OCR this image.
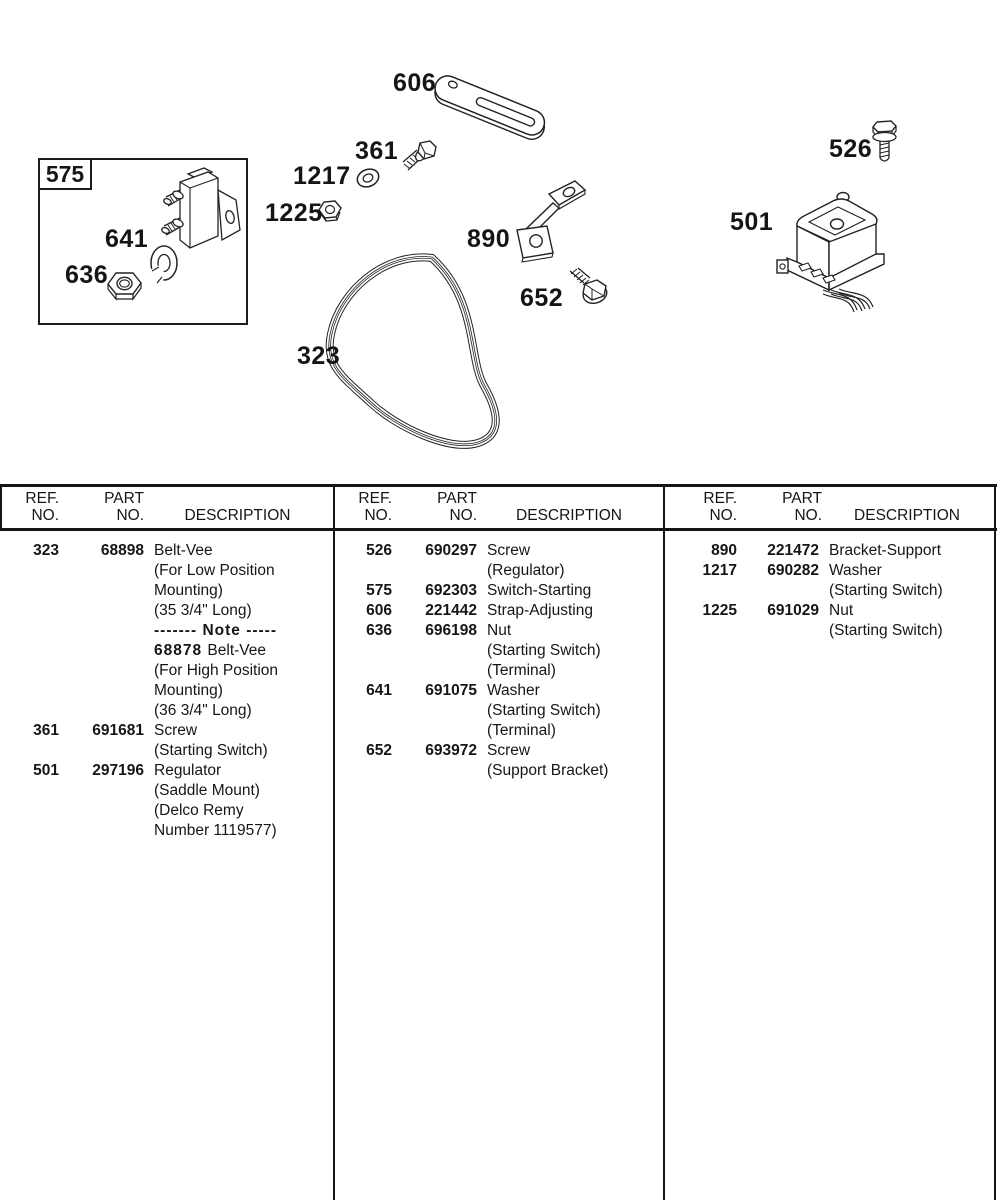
575
606
361
1217
1225
890
652
323
526
501
641
636
REF.
NO.
PART
NO.	DESCRIPTION
323	68898 Belt-Vee
(For Low Position
Mounting)
(35 3/4" Long)
------- Note -----
68878 Belt-Vee
(For High Position
Mounting)
(36 3/4" Long)
361	691681 Screw
(Starting Switch)
501	297196 Regulator
(Saddle Mount)
(Delco Remy
Number 1119577)
REF.
NO.
PART
NO.	DESCRIPTION
526	690297 Screw
(Regulator)
575	692303 Switch-Starting
606	221442 Strap-Adjusting
636	696198 Nut
(Starting Switch)
(Terminal)
641	691075 Washer
(Starting Switch)
(Terminal)
652	693972 Screw
(Support Bracket)
REF.
NO.
PART
NO.	DESCRIPTION
890	221472 Bracket-Support
1217	690282 Washer
(Starting Switch)
1225	691029 Nut
(Starting Switch)
